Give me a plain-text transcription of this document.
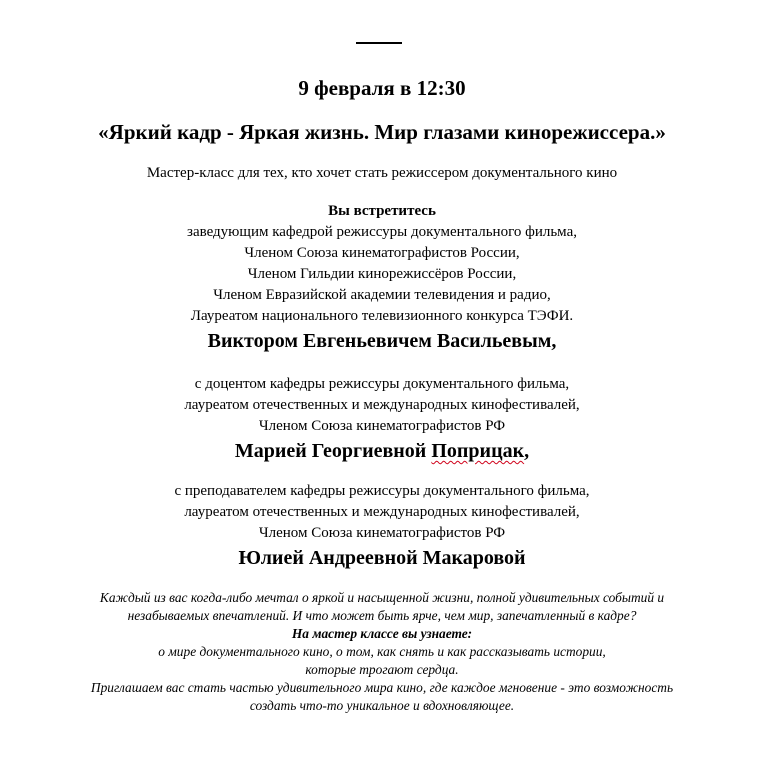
9 февраля в 12:30
«Яркий кадр - Яркая жизнь. Мир глазами кинорежиссера.»
Мастер-класс для тех, кто хочет стать режиссером документального кино
Вы встретитесь
заведующим кафедрой режиссуры документального фильма,
Членом Союза кинематографистов России,
Членом Гильдии кинорежиссёров России,
Членом Евразийской академии телевидения и радио,
Лауреатом национального телевизионного конкурса ТЭФИ.
Виктором Евгеньевичем Васильевым,
с доцентом кафедры режиссуры документального фильма,
лауреатом отечественных и международных кинофестивалей,
Членом Союза кинематографистов РФ
Марией Георгиевной Поприцак,
с преподавателем кафедры режиссуры документального фильма,
лауреатом отечественных и международных кинофестивалей,
Членом Союза кинематографистов РФ
Юлией Андреевной Макаровой
Каждый из вас когда-либо мечтал о яркой и насыщенной жизни, полной удивительных событий и
незабываемых впечатлений. И что может быть ярче, чем мир, запечатленный в кадре?
На мастер классе вы узнаете:
о мире документального кино, о том, как снять и как рассказывать истории,
которые трогают сердца.
Приглашаем вас стать частью удивительного мира кино, где каждое мгновение - это возможность
создать что-то уникальное и вдохновляющее.
